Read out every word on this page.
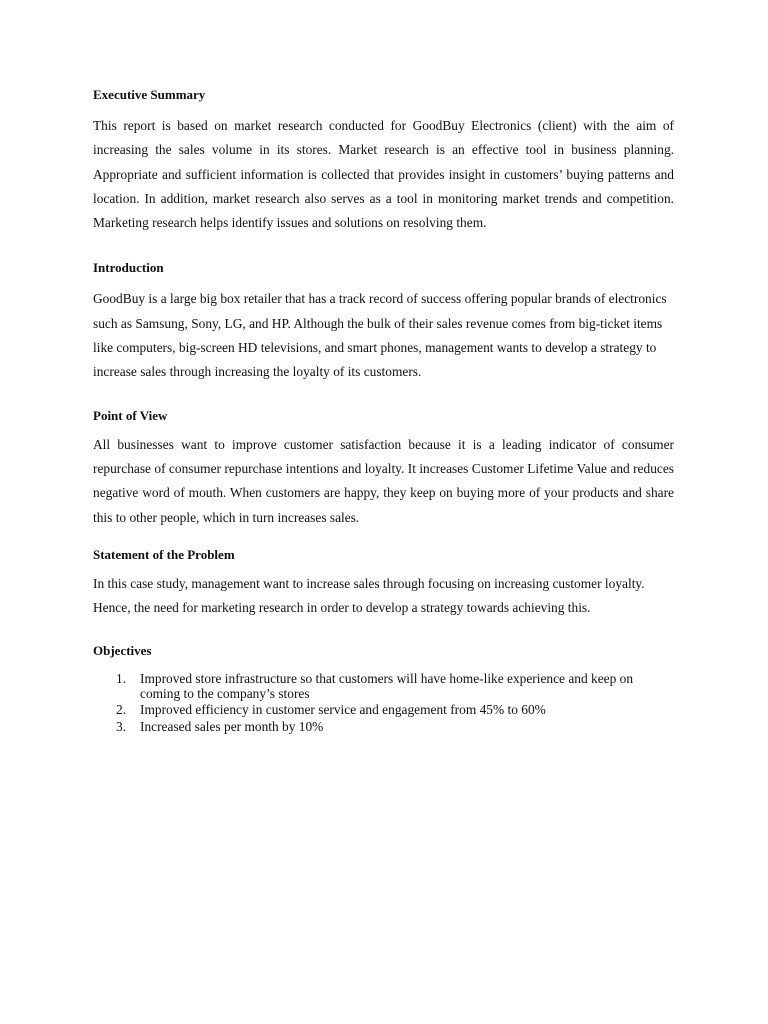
Executive Summary

This report is based on market research conducted for GoodBuy Electronics (client) with the aim of increasing the sales volume in its stores. Market research is an effective tool in business planning. Appropriate and sufficient information is collected that provides insight in customers’ buying patterns and location. In addition, market research also serves as a tool in monitoring market trends and competition. Marketing research helps identify issues and solutions on resolving them.

Introduction

GoodBuy is a large big box retailer that has a track record of success offering popular brands of electronics such as Samsung, Sony, LG, and HP. Although the bulk of their sales revenue comes from big-ticket items like computers, big-screen HD televisions, and smart phones, management wants to develop a strategy to increase sales through increasing the loyalty of its customers.

Point of View

All businesses want to improve customer satisfaction because it is a leading indicator of consumer repurchase of consumer repurchase intentions and loyalty. It increases Customer Lifetime Value and reduces negative word of mouth. When customers are happy, they keep on buying more of your products and share this to other people, which in turn increases sales.

Statement of the Problem

In this case study, management want to increase sales through focusing on increasing customer loyalty. Hence, the need for marketing research in order to develop a strategy towards achieving this.

Objectives
1. Improved store infrastructure so that customers will have home-like experience and keep on coming to the company’s stores
2. Improved efficiency in customer service and engagement from 45% to 60%
3. Increased sales per month by 10%
